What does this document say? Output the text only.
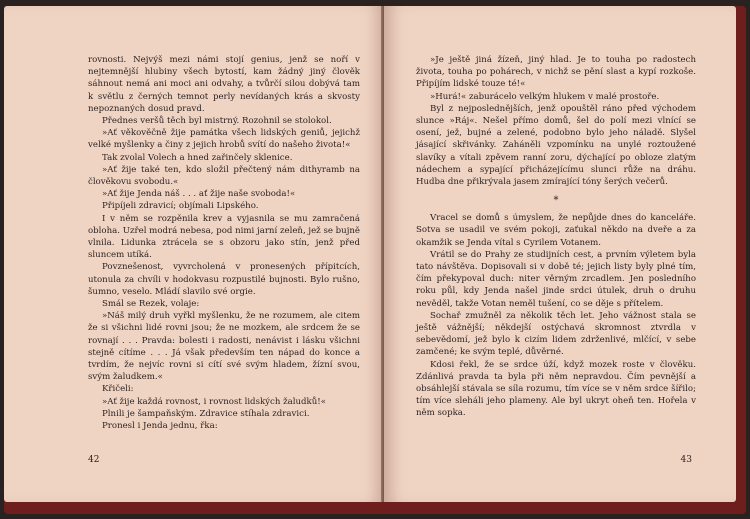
rovnosti. Nejvýš mezi námi stojí genius, jenž se noří v nejtemnější hlubiny všech bytostí, kam žádný jiný člověk sáhnout nemá ani moci ani odvahy, a tvůrčí silou dobývá tam k světlu z černých temnot perly nevídaných krás a skvosty nepoznaných dosud pravd.

Přednes veršů těch byl mistrný. Rozohnil se stolokol.

»Ať věkověčně žije památka všech lidských geniů, jejichž velké myšlenky a činy z jejich hrobů svítí do našeho života!«

Tak zvolal Volech a hned zařinčely sklenice.

»Ať žije také ten, kdo složil přečtený nám dithyramb na člověkovu svobodu.«

»Ať žije Jenda náš . . . ať žije naše svoboda!«

Připíjeli zdravicí; objímali Lipského.

I v něm se rozpěnila krev a vyjasnila se mu zamračená obloha. Uzřel modrá nebesa, pod nimi jarní zeleň, jež se bujně vlnila. Lidunka ztrácela se s obzoru jako stín, jenž před sluncem utíká.

Povznešenost, vyvrcholená v pronesených přípitcích, utonula za chvíli v hodokvasu rozpustilé bujnosti. Bylo rušno, šumno, veselo. Mládí slavilo své orgie.

Smál se Rezek, volaje:

»Náš milý druh vyřkl myšlenku, že ne rozumem, ale citem že si všichni lidé rovni jsou; že ne mozkem, ale srdcem že se rovnají . . . Pravda: bolesti i radosti, nenávist i lásku všichni stejně cítíme . . . Já však především ten nápad do konce a tvrdím, že nejvíc rovni si cítí své svým hladem, žízní svou, svým žaludkem.«

Křičeli:

»Ať žije každá rovnost, i rovnost lidských žaludků!«

Plnili je šampaňským. Zdravice stíhala zdravici.

Pronesl i Jenda jednu, řka:

42

»Je ještě jiná žízeň, jiný hlad. Je to touha po radostech života, touha po pohárech, v nichž se pění slast a kypí rozkoše. Připíjím lidské touze té!«

»Hurá!« zaburácelo velkým hlukem v malé prostoře.

Byl z nejposlednějších, jenž opouštěl ráno před východem slunce »Ráj«. Nešel přímo domů, šel do polí mezi vlnící se osení, jež, bujné a zelené, podobno bylo jeho náladě. Slyšel jásající skřivánky. Zaháněli vzpomínku na unylé roztoužené slavíky a vítali zpěvem ranní zoru, dýchající po obloze zlatým nádechem a sypající přicházejícímu slunci růže na dráhu. Hudba dne přikrývala jasem zmírající tóny šerých večerů.

*

Vracel se domů s úmyslem, že nepůjde dnes do kanceláře. Sotva se usadil ve svém pokoji, zaťukal někdo na dveře a za okamžik se Jenda vítal s Cyrilem Votanem.

Vrátil se do Prahy ze studijních cest, a prvním výletem byla tato návštěva. Dopisovali si v době té; jejich listy byly plné tím, čím překypoval duch: niter věrným zrcadlem. Jen posledního roku půl, kdy Jenda našel jinde srdci útulek, druh o druhu nevěděl, takže Votan neměl tušení, co se děje s přítelem.

Sochař zmužněl za několik těch let. Jeho vážnost stala se ještě vážnější; někdejší ostýchavá skromnost ztvrdla v sebevědomí, jež bylo k cizím lidem zdrženlivé, mlčící, v sebe zamčené; ke svým teplé, důvěrné.

Kdosi řekl, že se srdce úží, když mozek roste v člověku. Zdánlivá pravda ta byla při něm nepravdou. Čím pevnější a obsáhlejší stávala se síla rozumu, tím více se v něm srdce šířilo; tím více sleháli jeho plameny. Ale byl ukryt oheň ten. Hořela v něm sopka.

43
